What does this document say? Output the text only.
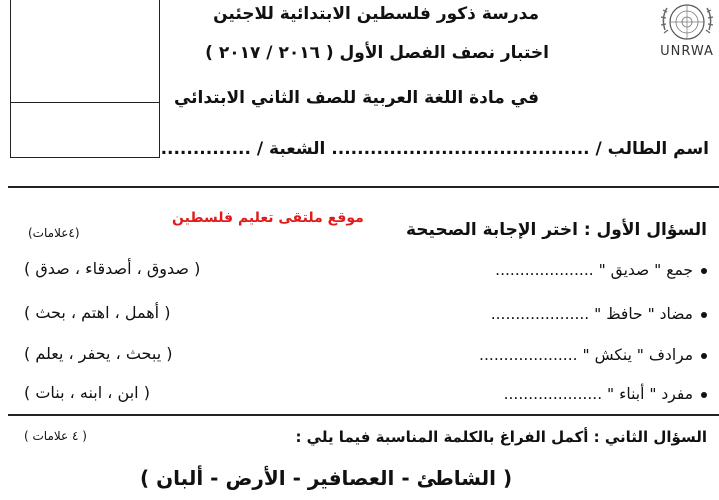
UNRWA
مدرسة ذكور فلسطين الابتدائية للاجئين
اختبار نصف الفصل الأول ( ٢٠١٦ / ٢٠١٧ )
في مادة اللغة العربية للصف الثاني الابتدائي
اسم الطالب / ........................................ الشعبة / ..............
السؤال الأول : اختر الإجابة الصحيحة
موقع ملتقى تعليم فلسطين
(٤علامات)
جمع " صديق " ....................
( صدوق ، أصدقاء ، صدق )
مضاد " حافظ " ....................
( أهمل ، اهتم ، بحث )
مرادف " ينكش " ....................
( يبحث ، يحفر ، يعلم )
مفرد " أبناء " ....................
( ابن ، ابنه ، بنات )
السؤال الثاني : أكمل الفراغ بالكلمة المناسبة فيما يلي :
( ٤ علامات )
( الشاطئ - العصافير - الأرض - ألبان )
